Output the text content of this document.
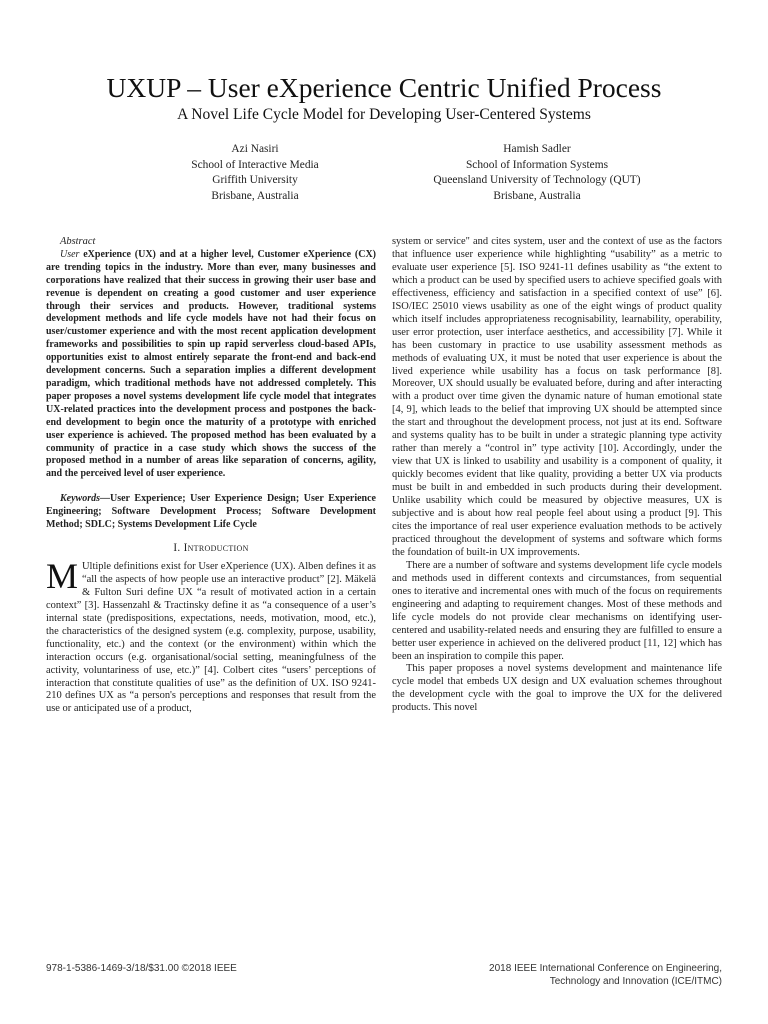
UXUP – User eXperience Centric Unified Process
A Novel Life Cycle Model for Developing User-Centered Systems
Azi Nasiri
School of Interactive Media
Griffith University
Brisbane, Australia
Hamish Sadler
School of Information Systems
Queensland University of Technology (QUT)
Brisbane, Australia

Abstract

User eXperience (UX) and at a higher level, Customer eXperience (CX) are trending topics in the industry. More than ever, many businesses and corporations have realized that their success in growing their user base and revenue is dependent on creating a good customer and user experience through their services and products. However, traditional systems development methods and life cycle models have not had their focus on user/customer experience and with the most recent application development frameworks and possibilities to spin up rapid serverless cloud-based APIs, opportunities exist to almost entirely separate the front-end and back-end development concerns. Such a separation implies a different development paradigm, which traditional methods have not addressed completely. This paper proposes a novel systems development life cycle model that integrates UX-related practices into the development process and postpones the back-end development to begin once the maturity of a prototype with enriched user experience is achieved. The proposed method has been evaluated by a community of practice in a case study which shows the success of the proposed method in a number of areas like separation of concerns, agility, and the perceived level of user experience.

Keywords—User Experience; User Experience Design; User Experience Engineering; Software Development Process; Software Development Method; SDLC; Systems Development Life Cycle

I. Introduction

M Ultiple definitions exist for User eXperience (UX). Alben defines it as “all the aspects of how people use an interactive product” [2]. Mäkelä & Fulton Suri define UX “a result of motivated action in a certain context” [3]. Hassenzahl & Tractinsky define it as “a consequence of a user’s internal state (predispositions, expectations, needs, motivation, mood, etc.), the characteristics of the designed system (e.g. complexity, purpose, usability, functionality, etc.) and the context (or the environment) within which the interaction occurs (e.g. organisational/social setting, meaningfulness of the activity, voluntariness of use, etc.)” [4]. Colbert cites “users’ perceptions of interaction that constitute qualities of use” as the definition of UX. ISO 9241-210 defines UX as “a person's perceptions and responses that result from the use or anticipated use of a product,

system or service" and cites system, user and the context of use as the factors that influence user experience while highlighting “usability” as a metric to evaluate user experience [5]. ISO 9241-11 defines usability as “the extent to which a product can be used by specified users to achieve specified goals with effectiveness, efficiency and satisfaction in a specified context of use” [6]. ISO/IEC 25010 views usability as one of the eight wings of product quality which itself includes appropriateness recognisability, learnability, operability, user error protection, user interface aesthetics, and accessibility [7]. While it has been customary in practice to use usability assessment methods as methods of evaluating UX, it must be noted that user experience is about the lived experience while usability has a focus on task performance [8]. Moreover, UX should usually be evaluated before, during and after interacting with a product over time given the dynamic nature of human emotional state [4, 9], which leads to the belief that improving UX should be attempted since the start and throughout the development process, not just at its end. Software and systems quality has to be built in under a strategic planning type activity rather than merely a “control in” type activity [10]. Accordingly, under the view that UX is linked to usability and usability is a component of quality, it quickly becomes evident that like quality, providing a better UX via products must be built in and embedded in such products during their development. Unlike usability which could be measured by objective measures, UX is subjective and is about how real people feel about using a product [9]. This cites the importance of real user experience evaluation methods to be actively practiced throughout the development of systems and software which forms the foundation of built-in UX improvements.

There are a number of software and systems development life cycle models and methods used in different contexts and circumstances, from sequential ones to iterative and incremental ones with much of the focus on requirements engineering and adapting to requirement changes. Most of these methods and life cycle models do not provide clear mechanisms on identifying user-centered and usability-related needs and ensuring they are fulfilled to ensure a better user experience in achieved on the delivered product [11, 12] which has been an inspiration to compile this paper.

This paper proposes a novel systems development and maintenance life cycle model that embeds UX design and UX evaluation schemes throughout the development cycle with the goal to improve the UX for the delivered products. This novel

978-1-5386-1469-3/18/$31.00 ©2018 IEEE	2018 IEEE International Conference on Engineering,
Technology and Innovation (ICE/ITMC)
